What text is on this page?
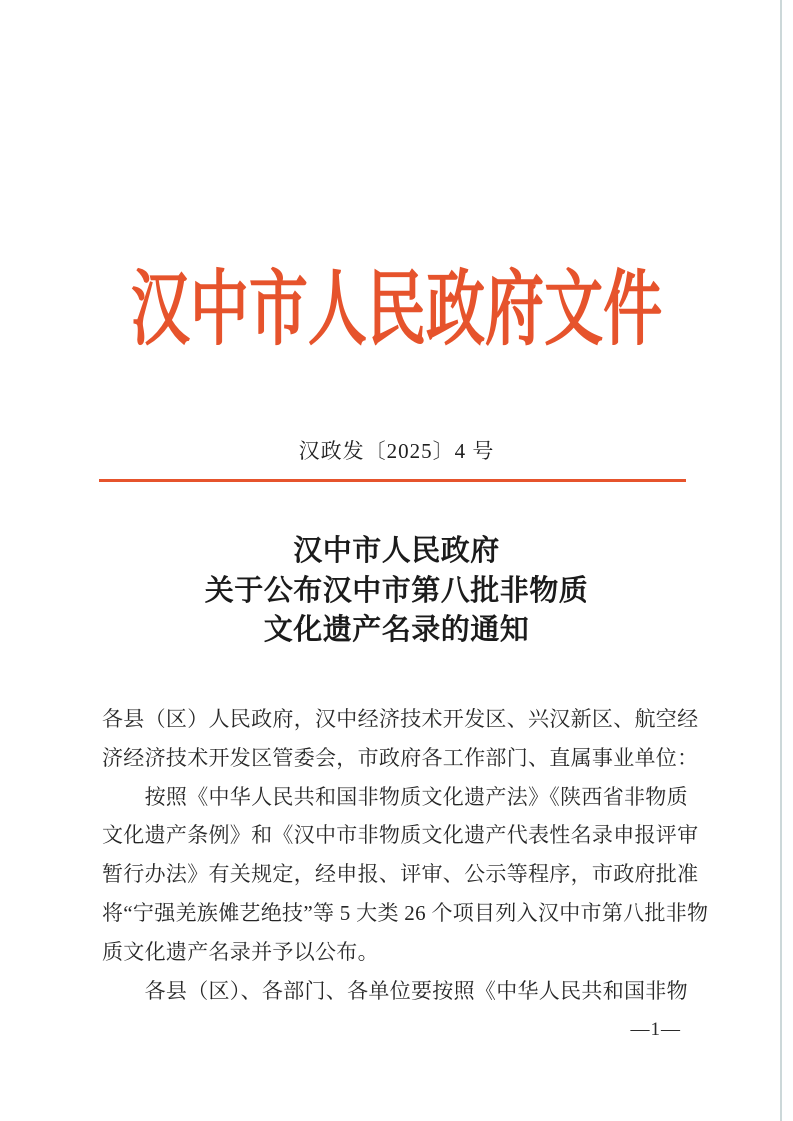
汉中市人民政府文件
汉政发〔2025〕4 号
汉中市人民政府
关于公布汉中市第八批非物质
文化遗产名录的通知
各县（区）人民政府，汉中经济技术开发区、兴汉新区、航空经
济经济技术开发区管委会，市政府各工作部门、直属事业单位：
　　按照《中华人民共和国非物质文化遗产法》《陕西省非物质
文化遗产条例》和《汉中市非物质文化遗产代表性名录申报评审
暂行办法》有关规定，经申报、评审、公示等程序，市政府批准
将“宁强羌族傩艺绝技”等 5 大类 26 个项目列入汉中市第八批非物
质文化遗产名录并予以公布。
　　各县（区）、各部门、各单位要按照《中华人民共和国非物
—1—
